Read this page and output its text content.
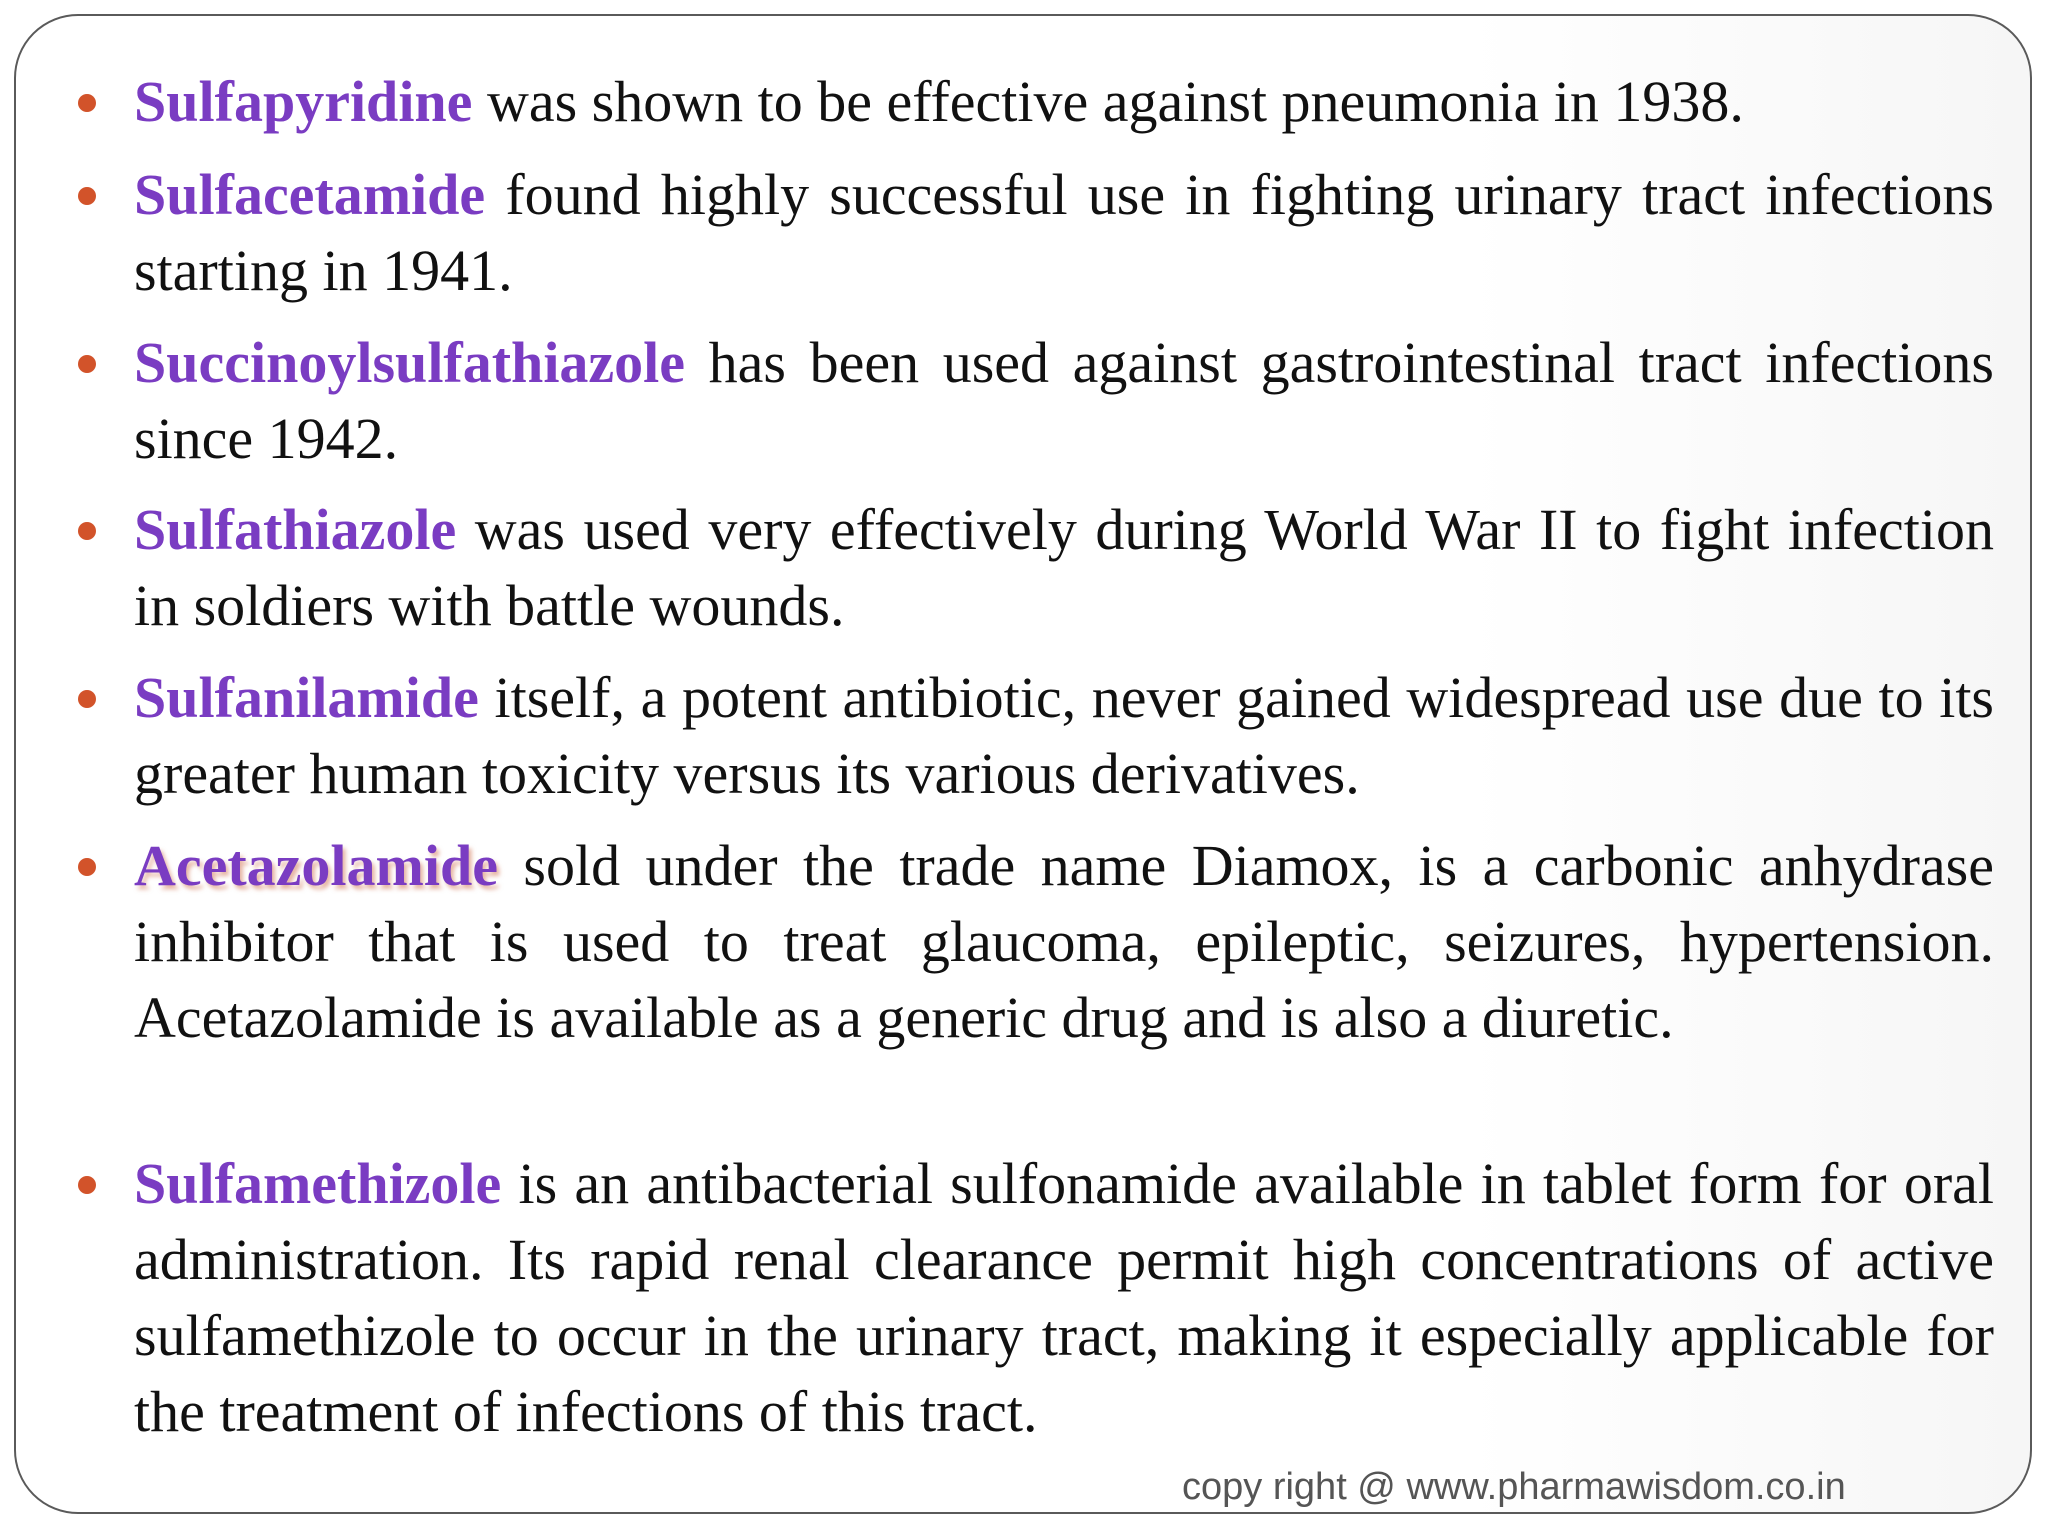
Sulfapyridine was shown to be effective against pneumonia in 1938.
Sulfacetamide found highly successful use in fighting urinary tract infections starting in 1941.
Succinoylsulfathiazole has been used against gastrointestinal tract infections since 1942.
Sulfathiazole was used very effectively during World War II to fight infection in soldiers with battle wounds.
Sulfanilamide itself, a potent antibiotic, never gained widespread use due to its greater human toxicity versus its various derivatives.
Acetazolamide sold under the trade name Diamox, is a carbonic anhydrase inhibitor that is used to treat glaucoma, epileptic, seizures, hypertension. Acetazolamide is available as a generic drug and is also a diuretic.
Sulfamethizole is an antibacterial sulfonamide available in tablet form for oral administration. Its rapid renal clearance permit high concentrations of active sulfamethizole to occur in the urinary tract, making it especially applicable for the treatment of infections of this tract.
copy right @ www.pharmawisdom.co.in
